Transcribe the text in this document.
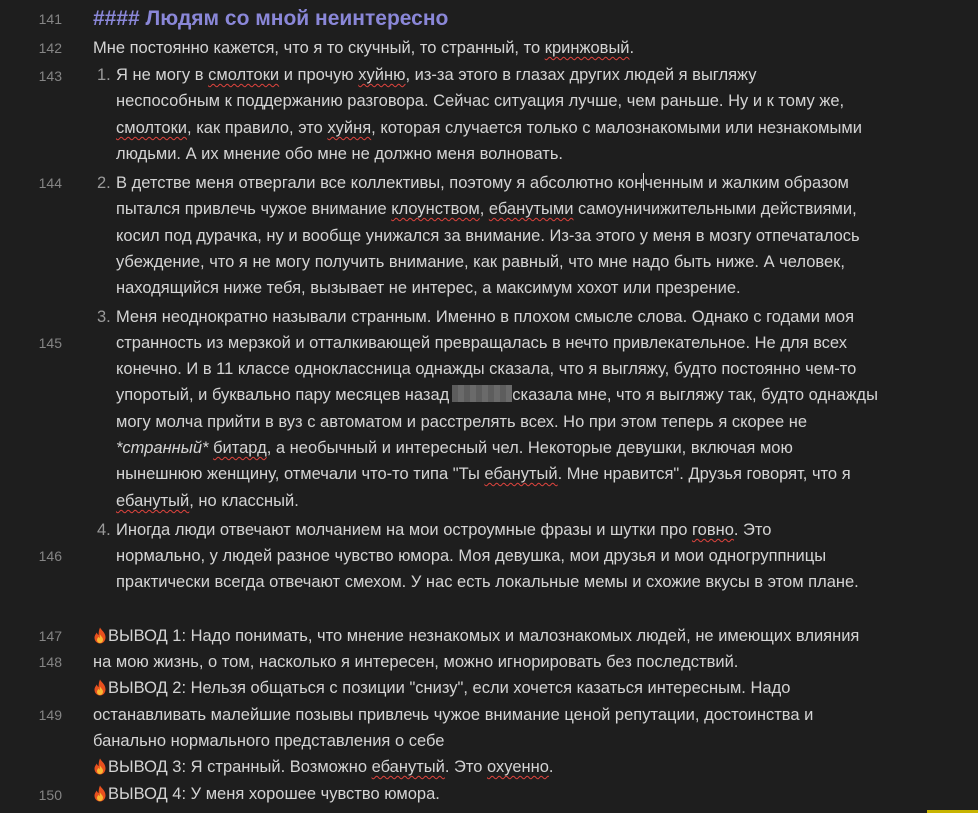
141
142
143
144
145
146
147
148
149
150
#### Людям со мной неинтересно
Мне постоянно кажется, что я то скучный, то странный, то кринжовый.
1. Я не могу в смолтоки и прочую хуйню, из-за этого в глазах других людей я выгляжу
неспособным к поддержанию разговора. Сейчас ситуация лучше, чем раньше. Ну и к тому же,
смолтоки, как правило, это хуйня, которая случается только с малознакомыми или незнакомыми
людьми. А их мнение обо мне не должно меня волновать.
2. В детстве меня отвергали все коллективы, поэтому я абсолютно конченным и жалким образом
пытался привлечь чужое внимание клоунством, ебанутыми самоуничижительными действиями,
косил под дурачка, ну и вообще унижался за внимание. Из-за этого у меня в мозгу отпечаталось
убеждение, что я не могу получить внимание, как равный, что мне надо быть ниже. А человек,
находящийся ниже тебя, вызывает не интерес, а максимум хохот или презрение.
3. Меня неоднократно называли странным. Именно в плохом смысле слова. Однако с годами моя
странность из мерзкой и отталкивающей превращалась в нечто привлекательное. Не для всех
конечно. И в 11 классе одноклассница однажды сказала, что я выгляжу, будто постоянно чем-то
упоротый, и буквально пару месяцев назад	сказала мне, что я выгляжу так, будто однажды
могу молча прийти в вуз с автоматом и расстрелять всех. Но при этом теперь я скорее не
*странный* битард, а необычный и интересный чел. Некоторые девушки, включая мою
нынешнюю женщину, отмечали что-то типа "Ты ебанутый. Мне нравится". Друзья говорят, что я
ебанутый, но классный.
4. Иногда люди отвечают молчанием на мои остроумные фразы и шутки про говно. Это
нормально, у людей разное чувство юмора. Моя девушка, мои друзья и мои одногруппницы
практически всегда отвечают смехом. У нас есть локальные мемы и схожие вкусы в этом плане.
ВЫВОД 1: Надо понимать, что мнение незнакомых и малознакомых людей, не имеющих влияния
на мою жизнь, о том, насколько я интересен, можно игнорировать без последствий.
ВЫВОД 2: Нельзя общаться с позиции "снизу", если хочется казаться интересным. Надо
останавливать малейшие позывы привлечь чужое внимание ценой репутации, достоинства и
банально нормального представления о себе
ВЫВОД 3: Я странный. Возможно ебанутый. Это охуенно.
ВЫВОД 4: У меня хорошее чувство юмора.
